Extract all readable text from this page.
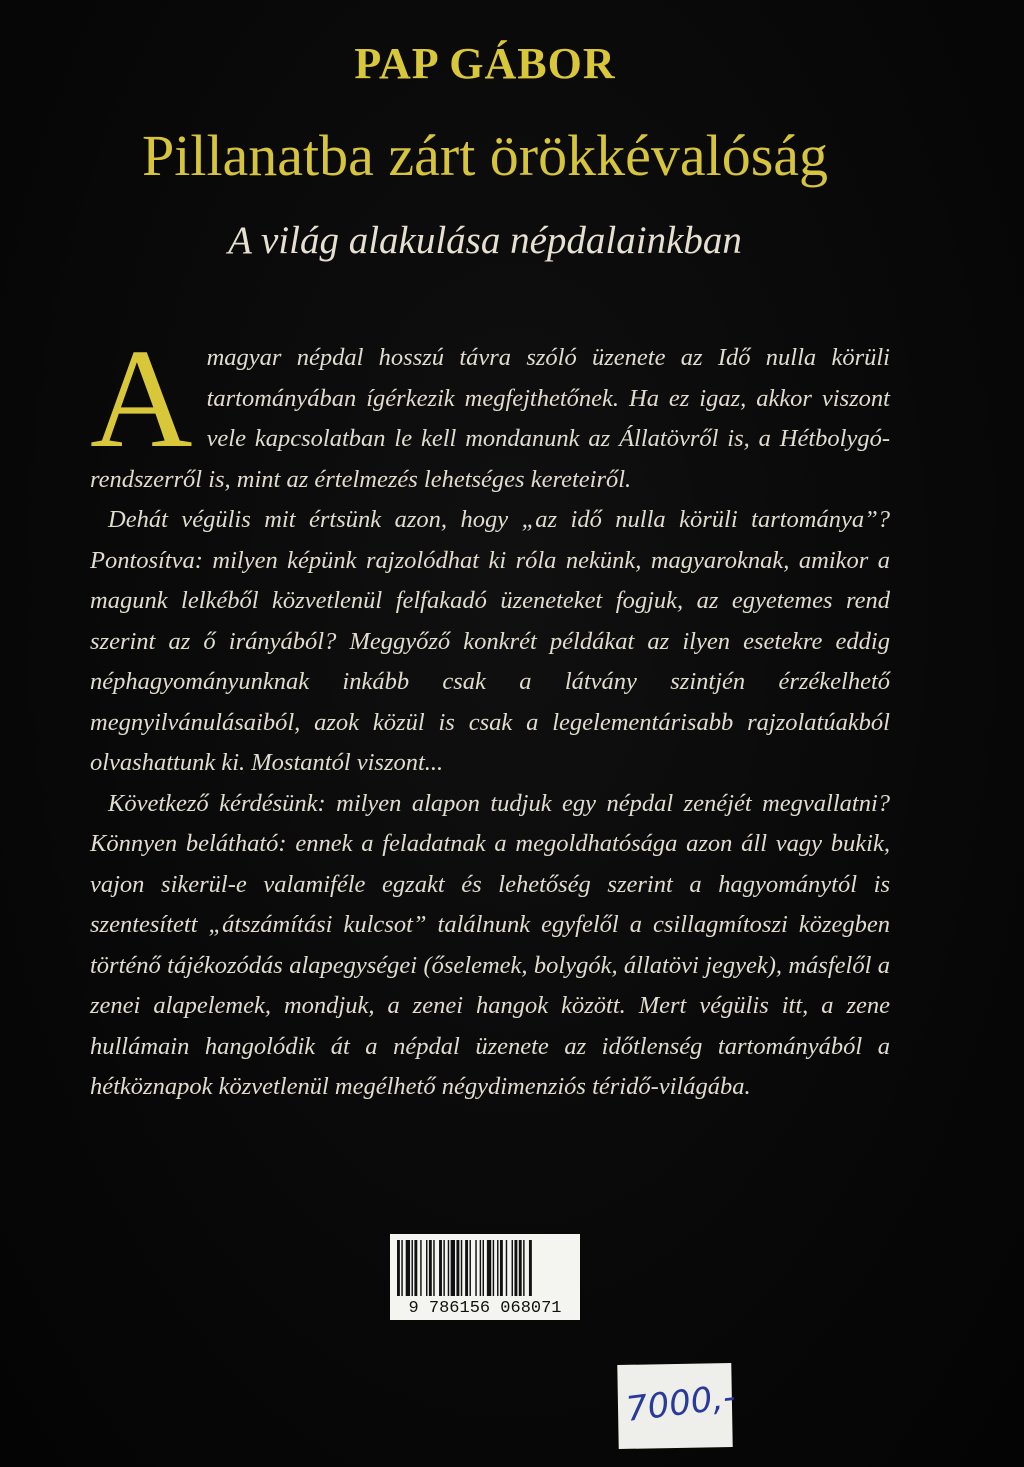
PAP GÁBOR
Pillanatba zárt örökkévalóság
A világ alakulása népdalainkban

A magyar népdal hosszú távra szóló üzenete az Idő nulla körüli tartományában ígérkezik megfejthetőnek. Ha ez igaz, akkor viszont vele kapcsolatban le kell mondanunk az Állatövről is, a Hétbolygó-rendszerről is, mint az értelmezés lehetséges kereteiről.

Dehát végülis mit értsünk azon, hogy „az idő nulla körüli tartománya”? Pontosítva: milyen képünk rajzolódhat ki róla nekünk, magyaroknak, amikor a magunk lelkéből közvetlenül felfakadó üzeneteket fogjuk, az egyetemes rend szerint az ő irányából? Meggyőző konkrét példákat az ilyen esetekre eddig néphagyományunknak inkább csak a látvány szintjén érzékelhető megnyilvánulásaiból, azok közül is csak a legelementárisabb rajzolatúakból olvashattunk ki. Mostantól viszont...

Következő kérdésünk: milyen alapon tudjuk egy népdal zenéjét megvallatni? Könnyen belátható: ennek a feladatnak a megoldhatósága azon áll vagy bukik, vajon sikerül-e valamiféle egzakt és lehetőség szerint a hagyománytól is szentesített „átszámítási kulcsot” találnunk egyfelől a csillagmítoszi közegben történő tájékozódás alapegységei (őselemek, bolygók, állatövi jegyek), másfelől a zenei alapelemek, mondjuk, a zenei hangok között. Mert végülis itt, a zene hullámain hangolódik át a népdal üzenete az időtlenség tartományából a hétköznapok közvetlenül megélhető négydimenziós téridő-világába.

9 786156 068071
7000,-
